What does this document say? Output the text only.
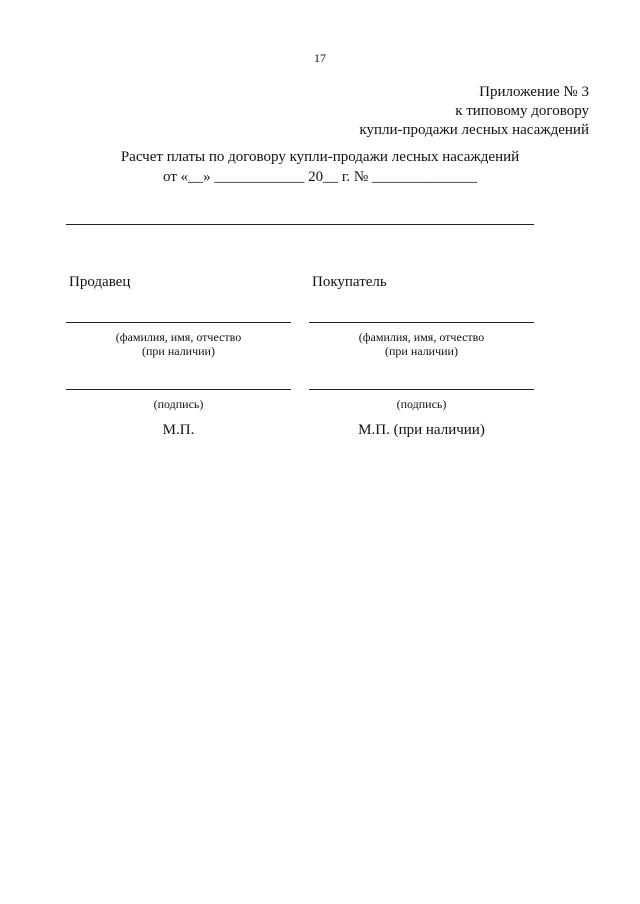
17
Приложение № 3
к типовому договору
купли-продажи лесных насаждений
Расчет платы по договору купли-продажи лесных насаждений
от «__» ____________ 20__ г. № ______________
Продавец
(фамилия, имя, отчество
(при наличии)
(подпись)
М.П.
Покупатель
(фамилия, имя, отчество
(при наличии)
(подпись)
М.П. (при наличии)
